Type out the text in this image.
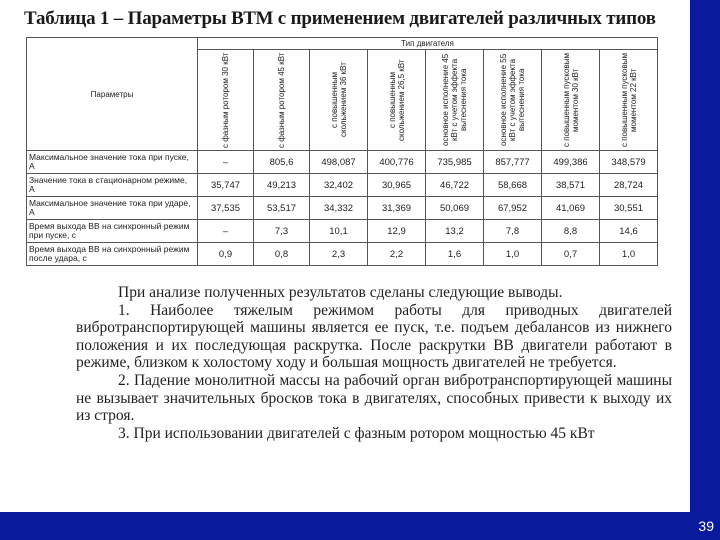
39
Таблица 1 – Параметры ВТМ с применением двигателей различных типов
Параметры	Тип двигателя							

	с фазным ротором 30 кВт	с фазным ротором 45 кВт	с повышенным скольжением 36 кВт	с повышенным скольжением 26,5 кВт	основное исполнение 45 кВт с учетом эффекта вытеснения тока	основное исполнение 55 кВт с учетом эффекта вытеснения тока	с повышенным пусковым моментом 30 кВт	с повышенным пусковым моментом 22 кВт

Максимальное значение тока при пуске, А	–	805,6	498,087	400,776	735,985	857,777	499,386	348,579
Значение тока в стационарном режиме, А	35,747	49,213	32,402	30,965	46,722	58,668	38,571	28,724
Максимальное значение тока при ударе, А	37,535	53,517	34,332	31,369	50,069	67,952	41,069	30,551
Время выхода ВВ на синхронный режим при пуске, с	–	7,3	10,1	12,9	13,2	7,8	8,8	14,6
Время выхода ВВ на синхронный режим после удара, с	0,9	0,8	2,3	2,2	1,6	1,0	0,7	1,0

При анализе полученных результатов сделаны следующие выводы.

1. Наиболее тяжелым режимом работы для приводных двигателей вибротранспортирующей машины является ее пуск, т.е. подъем дебалансов из нижнего положения и их последующая раскрутка. После раскрутки ВВ двигатели работают в режиме, близком к холостому ходу и большая мощность двигателей не требуется.

2. Падение монолитной массы на рабочий орган вибротранспортирующей машины не вызывает значительных бросков тока в двигателях, способных привести к выходу их из строя.

3. При использовании двигателей с фазным ротором мощностью 45 кВт
